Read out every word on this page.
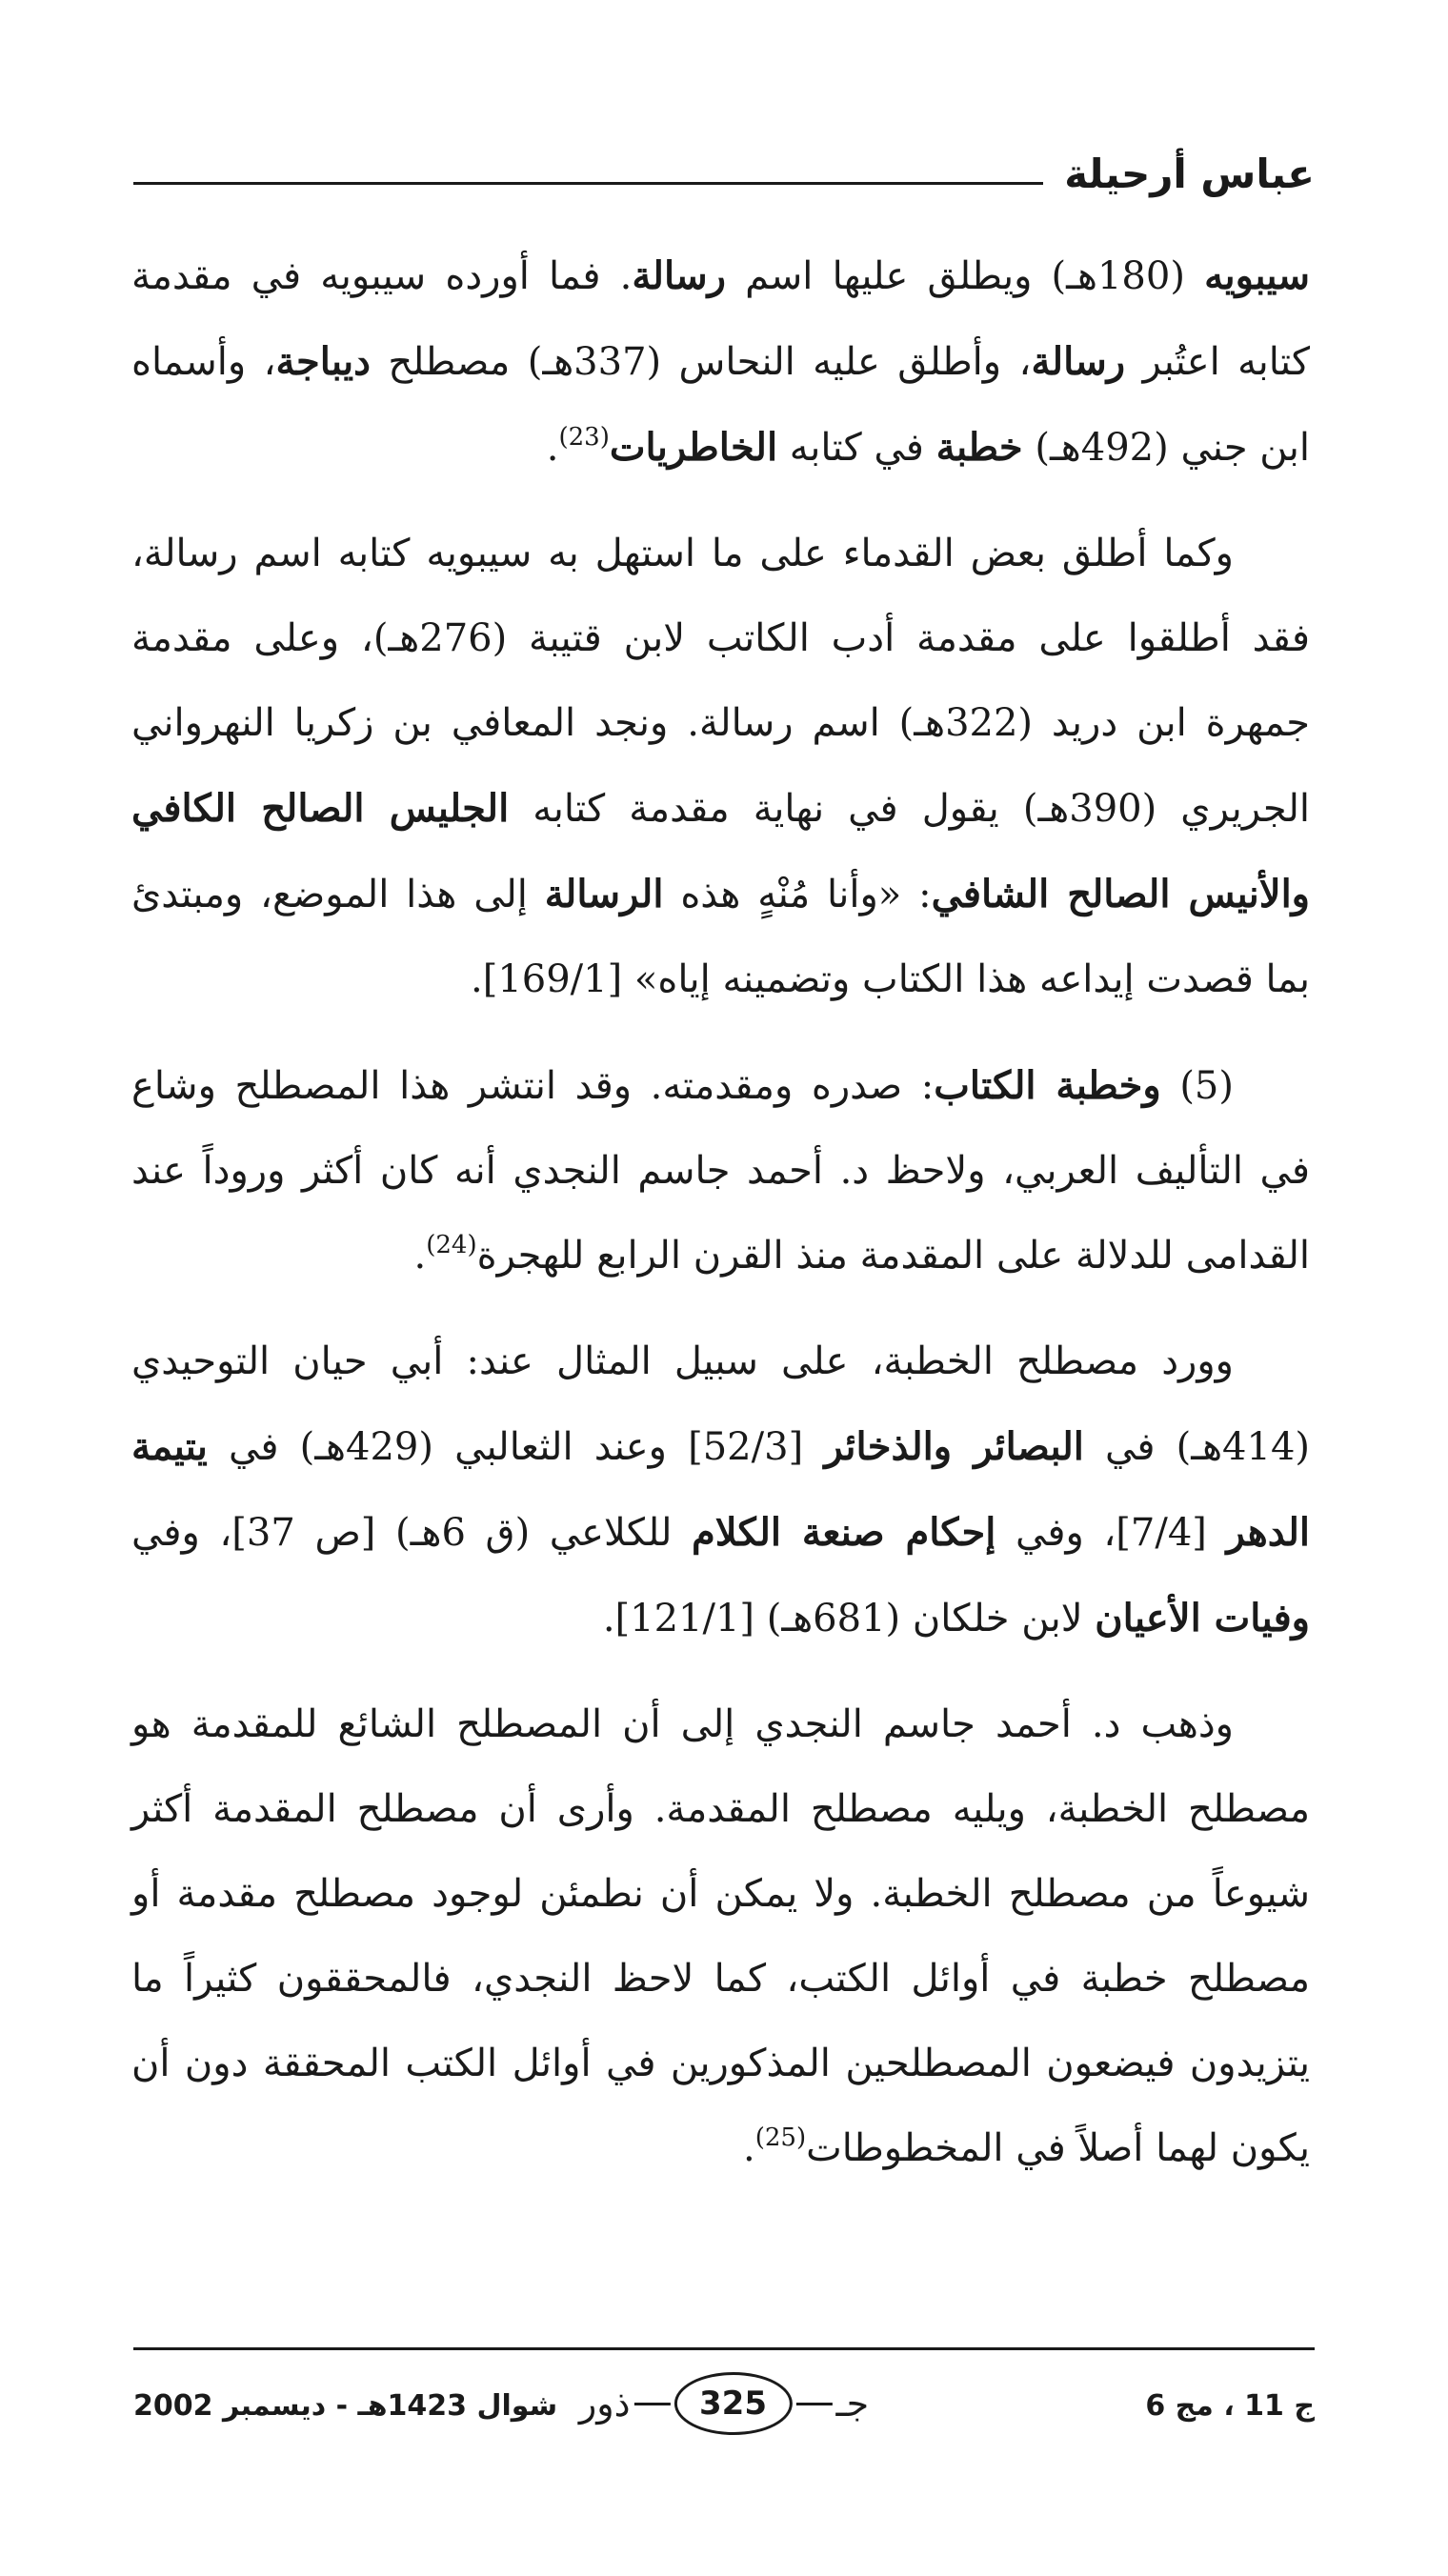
عباس أرحيلة

سيبويه (180هـ) ويطلق عليها اسم رسالة. فما أورده سيبويه في مقدمة كتابه اعتُبر رسالة، وأطلق عليه النحاس (337هـ) مصطلح ديباجة، وأسماه ابن جني (492هـ) خطبة في كتابه الخاطريات$^{(23)}$.

وكما أطلق بعض القدماء على ما استهل به سيبويه كتابه اسم رسالة، فقد أطلقوا على مقدمة أدب الكاتب لابن قتيبة (276هـ)، وعلى مقدمة جمهرة ابن دريد (322هـ) اسم رسالة. ونجد المعافي بن زكريا النهرواني الجريري (390هـ) يقول في نهاية مقدمة كتابه الجليس الصالح الكافي والأنيس الصالح الشافي: «وأنا مُنْهٍ هذه الرسالة إلى هذا الموضع، ومبتدئ بما قصدت إيداعه هذا الكتاب وتضمينه إياه» [169/1].

(5) وخطبة الكتاب: صدره ومقدمته. وقد انتشر هذا المصطلح وشاع في التأليف العربي، ولاحظ د. أحمد جاسم النجدي أنه كان أكثر وروداً عند القدامى للدلالة على المقدمة منذ القرن الرابع للهجرة$^{(24)}$.

وورد مصطلح الخطبة، على سبيل المثال عند: أبي حيان التوحيدي (414هـ) في البصائر والذخائر [52/3] وعند الثعالبي (429هـ) في يتيمة الدهر [7/4]، وفي إحكام صنعة الكلام للكلاعي (ق 6هـ) [ص 37]، وفي وفيات الأعيان لابن خلكان (681هـ) [121/1].

وذهب د. أحمد جاسم النجدي إلى أن المصطلح الشائع للمقدمة هو مصطلح الخطبة، ويليه مصطلح المقدمة. وأرى أن مصطلح المقدمة أكثر شيوعاً من مصطلح الخطبة. ولا يمكن أن نطمئن لوجود مصطلح مقدمة أو مصطلح خطبة في أوائل الكتب، كما لاحظ النجدي، فالمحققون كثيراً ما يتزيدون فيضعون المصطلحين المذكورين في أوائل الكتب المحققة دون أن يكون لهما أصلاً في المخطوطات$^{(25)}$.

ج 11 ، مج 6
جـ
325
ذور
شوال 1423هـ - ديسمبر 2002
